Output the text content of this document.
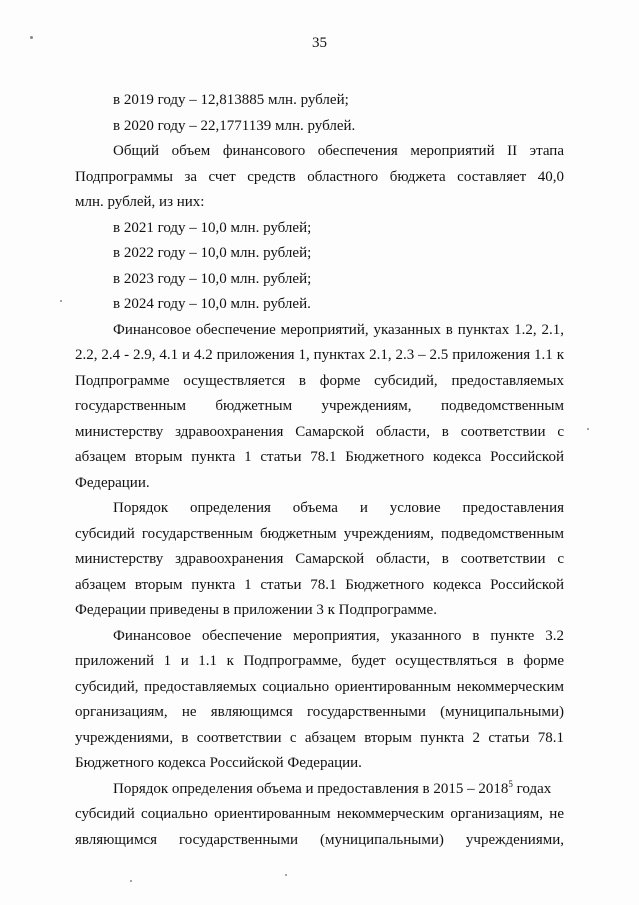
35
в 2019 году – 12,813885 млн. рублей;
в 2020 году – 22,1771139 млн. рублей.
Общий объем финансового обеспечения мероприятий II этапа
Подпрограммы за счет средств областного бюджета составляет 40,0
млн. рублей, из них:
в 2021 году – 10,0 млн. рублей;
в 2022 году – 10,0 млн. рублей;
в 2023 году – 10,0 млн. рублей;
в 2024 году – 10,0 млн. рублей.
Финансовое обеспечение мероприятий, указанных в пунктах 1.2, 2.1,
2.2, 2.4 - 2.9, 4.1 и 4.2 приложения 1, пунктах 2.1, 2.3 – 2.5 приложения 1.1 к
Подпрограмме осуществляется в форме субсидий, предоставляемых
государственным бюджетным учреждениям, подведомственным
министерству здравоохранения Самарской области, в соответствии с
абзацем вторым пункта 1 статьи 78.1 Бюджетного кодекса Российской
Федерации.
Порядок определения объема и условие предоставления
субсидий государственным бюджетным учреждениям, подведомственным
министерству здравоохранения Самарской области, в соответствии с
абзацем вторым пункта 1 статьи 78.1 Бюджетного кодекса Российской
Федерации приведены в приложении 3 к Подпрограмме.
Финансовое обеспечение мероприятия, указанного в пункте 3.2
приложений 1 и 1.1 к Подпрограмме, будет осуществляться в форме
субсидий, предоставляемых социально ориентированным некоммерческим
организациям, не являющимся государственными (муниципальными)
учреждениями, в соответствии с абзацем вторым пункта 2 статьи 78.1
Бюджетного кодекса Российской Федерации.
Порядок определения объема и предоставления в 2015 – 2018$^5$ годах
субсидий социально ориентированным некоммерческим организациям, не
являющимся государственными (муниципальными) учреждениями,
